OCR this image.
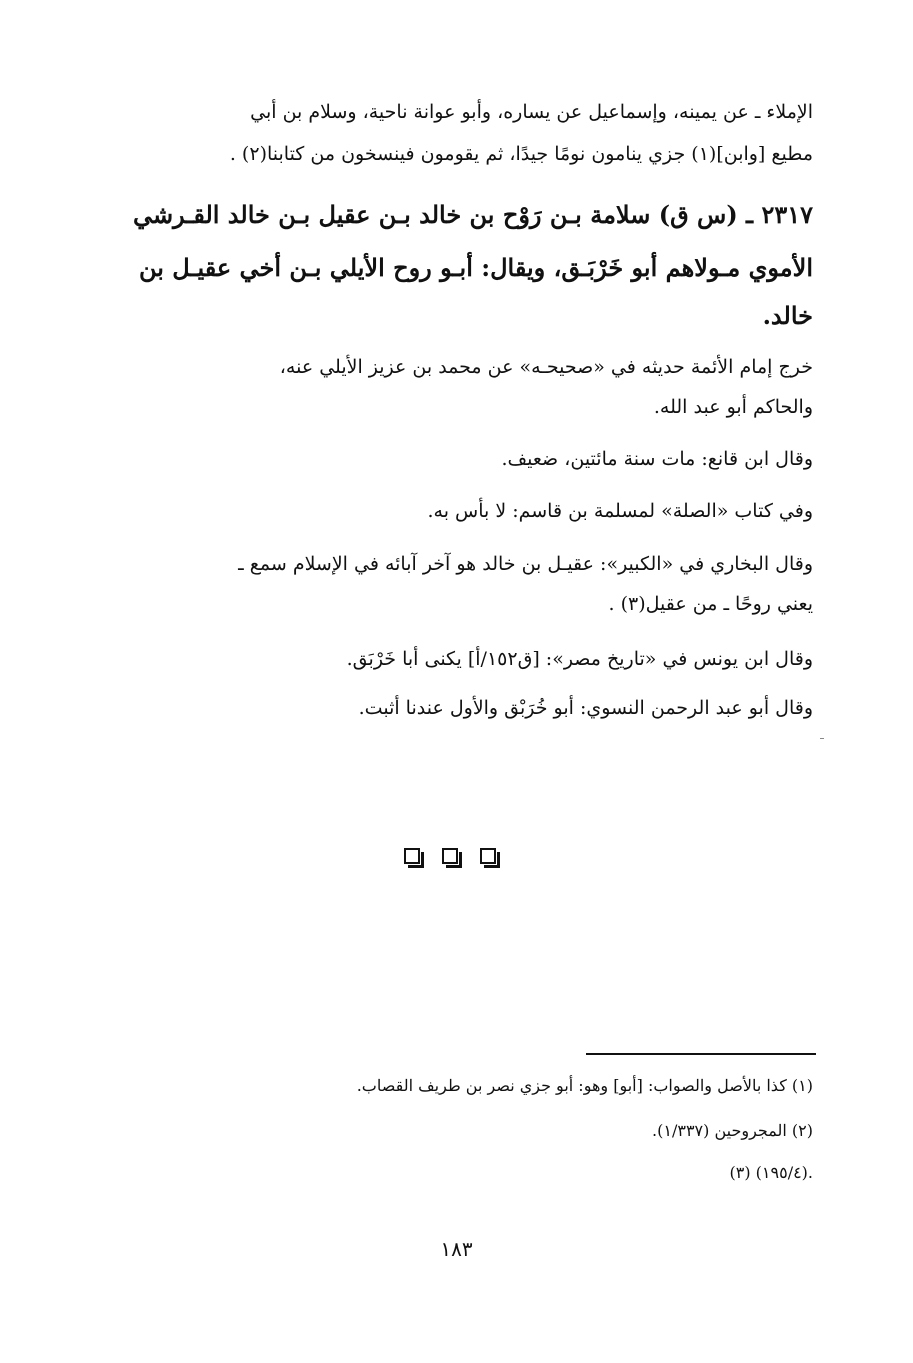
الإملاء ـ عن يمينه، وإسماعيل عن يساره، وأبو عوانة ناحية، وسلام بن أبي
مطيع [وابن](١) جزي ينامون نومًا جيدًا، ثم يقومون فينسخون من كتابنا(٢) .
٢٣١٧ ـ (س ق) سلامة بـن رَوْح بن خالد بـن عقيل بـن خالد القـرشي
الأموي مـولاهم أبو خَرْبَـق، ويقال: أبـو روح الأيلي بـن أخي عقيـل بن
خالد.
خرج إمام الأئمة حديثه في «صحيحـه» عن محمد بن عزيز الأيلي عنه،
والحاكم أبو عبد الله.
وقال ابن قانع: مات سنة مائتين، ضعيف.
وفي كتاب «الصلة» لمسلمة بن قاسم: لا بأس به.
وقال البخاري في «الكبير»: عقيـل بن خالد هو آخر آبائه في الإسلام سمع ـ
يعني روحًا ـ من عقيل(٣) .
وقال ابن يونس في «تاريخ مصر»: [ق١٥٢/أ] يكنى أبا خَرْبَق.
وقال أبو عبد الرحمن النسوي: أبو خُرَبْق والأول عندنا أثبت.
(١) كذا بالأصل والصواب: [أبو] وهو: أبو جزي نصر بن طريف القصاب.
(٢) المجروحين (١/٣٣٧).
(٣) (١٩٥/٤).
١٨٣
